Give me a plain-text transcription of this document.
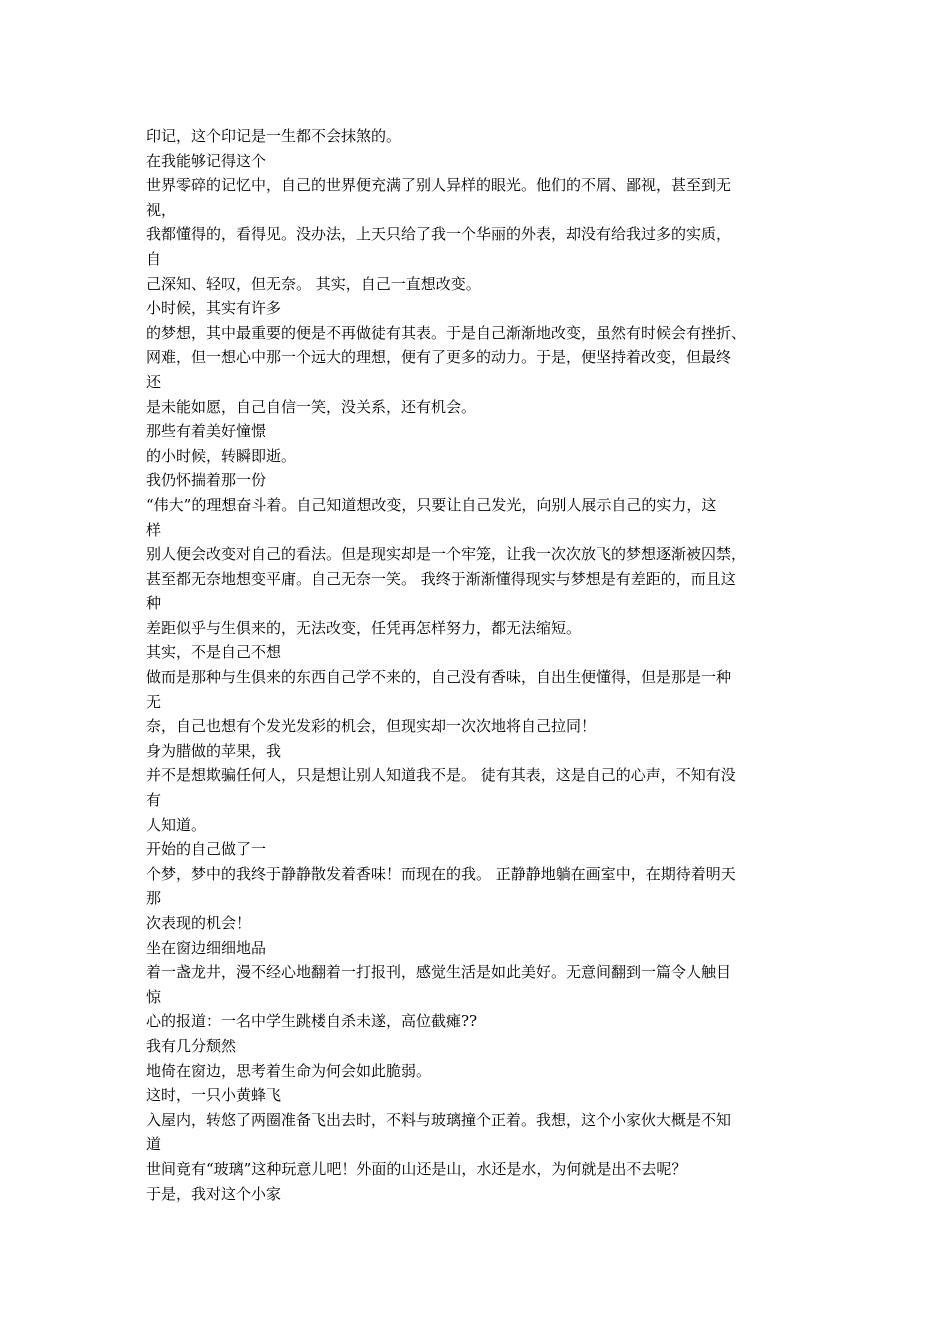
印记，这个印记是一生都不会抹煞的。
在我能够记得这个
世界零碎的记忆中，自己的世界便充满了别人异样的眼光。他们的不屑、鄙视，甚至到无
视，
我都懂得的，看得见。没办法，上天只给了我一个华丽的外表，却没有给我过多的实质，
自
己深知、轻叹，但无奈。 其实，自己一直想改变。
小时候，其实有许多
的梦想，其中最重要的便是不再做徒有其表。于是自己渐渐地改变，虽然有时候会有挫折、
网难，但一想心中那一个远大的理想，便有了更多的动力。于是，便坚持着改变，但最终
还
是未能如愿，自己自信一笑，没关系，还有机会。
那些有着美好憧憬
的小时候，转瞬即逝。
我仍怀揣着那一份
“伟大”的理想奋斗着。自己知道想改变，只要让自己发光，向别人展示自己的实力，这
样
别人便会改变对自己的看法。但是现实却是一个牢笼，让我一次次放飞的梦想逐渐被囚禁，
甚至都无奈地想变平庸。自己无奈一笑。 我终于渐渐懂得现实与梦想是有差距的，而且这
种
差距似乎与生俱来的，无法改变，任凭再怎样努力，都无法缩短。
其实，不是自己不想
做而是那种与生俱来的东西自己学不来的，自己没有香味，自出生便懂得，但是那是一种
无
奈，自己也想有个发光发彩的机会，但现实却一次次地将自己拉同！
身为腊做的苹果，我
并不是想欺骗任何人，只是想让别人知道我不是。 徒有其表，这是自己的心声，不知有没
有
人知道。
开始的自己做了一
个梦，梦中的我终于静静散发着香味！而现在的我。 正静静地躺在画室中，在期待着明天
那
次表现的机会！
坐在窗边细细地品
着一盏龙井，漫不经心地翻着一打报刊，感觉生活是如此美好。无意间翻到一篇令人触目
惊
心的报道：一名中学生跳楼自杀未遂，高位截瘫??
我有几分颓然
地倚在窗边，思考着生命为何会如此脆弱。
这时，一只小黄蜂飞
入屋内，转悠了两圈准备飞出去时，不料与玻璃撞个正着。我想，这个小家伙大概是不知
道
世间竟有“玻璃”这种玩意儿吧！外面的山还是山，水还是水，为何就是出不去呢？
于是，我对这个小家
